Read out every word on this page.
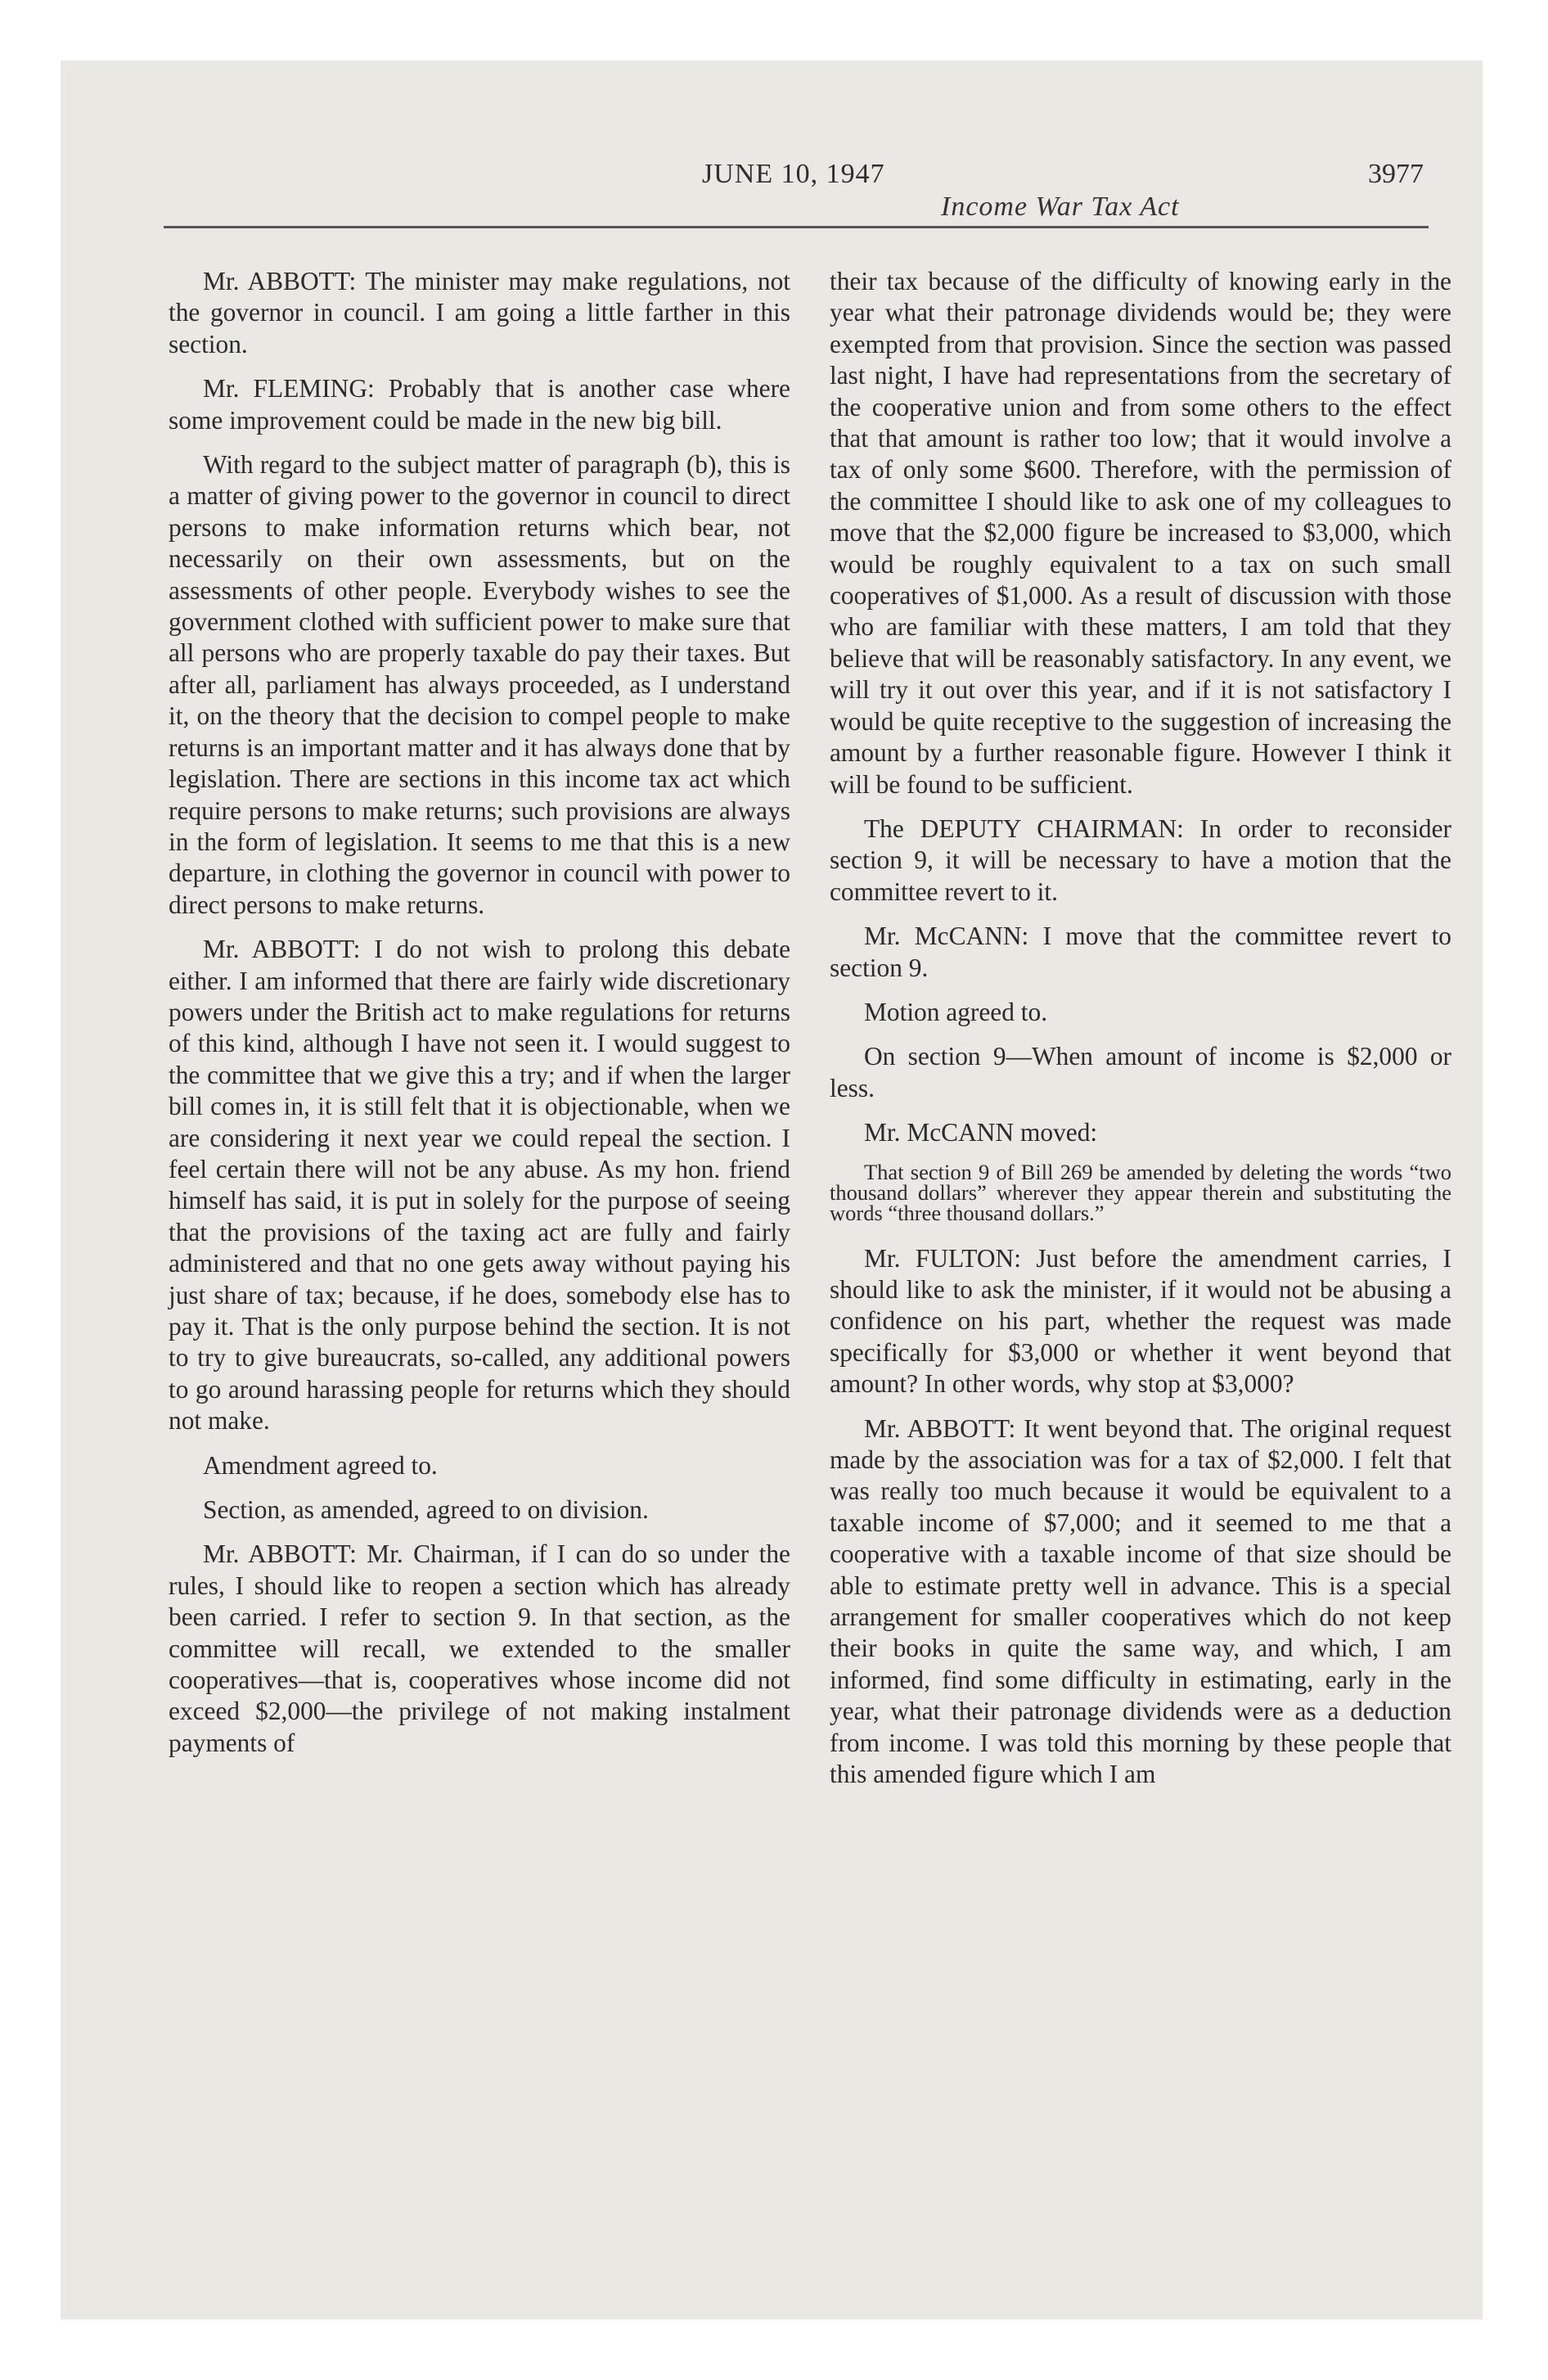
JUNE 10, 1947	3977
Income War Tax Act

Mr. ABBOTT: The minister may make regulations, not the governor in council. I am going a little farther in this section.

Mr. FLEMING: Probably that is another case where some improvement could be made in the new big bill.

With regard to the subject matter of paragraph (b), this is a matter of giving power to the governor in council to direct persons to make information returns which bear, not necessarily on their own assessments, but on the assessments of other people. Everybody wishes to see the government clothed with sufficient power to make sure that all persons who are properly taxable do pay their taxes. But after all, parliament has always proceeded, as I understand it, on the theory that the decision to compel people to make returns is an important matter and it has always done that by legislation. There are sections in this income tax act which require persons to make returns; such provisions are always in the form of legislation. It seems to me that this is a new departure, in clothing the governor in council with power to direct persons to make returns.

Mr. ABBOTT: I do not wish to prolong this debate either. I am informed that there are fairly wide discretionary powers under the British act to make regulations for returns of this kind, although I have not seen it. I would suggest to the committee that we give this a try; and if when the larger bill comes in, it is still felt that it is objectionable, when we are considering it next year we could repeal the section. I feel certain there will not be any abuse. As my hon. friend himself has said, it is put in solely for the purpose of seeing that the provisions of the taxing act are fully and fairly administered and that no one gets away without paying his just share of tax; because, if he does, somebody else has to pay it. That is the only purpose behind the section. It is not to try to give bureaucrats, so-called, any additional powers to go around harassing people for returns which they should not make.

Amendment agreed to.

Section, as amended, agreed to on division.

Mr. ABBOTT: Mr. Chairman, if I can do so under the rules, I should like to reopen a section which has already been carried. I refer to section 9. In that section, as the committee will recall, we extended to the smaller cooperatives—that is, cooperatives whose income did not exceed $2,000—the privilege of not making instalment payments of

their tax because of the difficulty of knowing early in the year what their patronage dividends would be; they were exempted from that provision. Since the section was passed last night, I have had representations from the secretary of the cooperative union and from some others to the effect that that amount is rather too low; that it would involve a tax of only some $600. Therefore, with the permission of the committee I should like to ask one of my colleagues to move that the $2,000 figure be increased to $3,000, which would be roughly equivalent to a tax on such small cooperatives of $1,000. As a result of discussion with those who are familiar with these matters, I am told that they believe that will be reasonably satisfactory. In any event, we will try it out over this year, and if it is not satisfactory I would be quite receptive to the suggestion of increasing the amount by a further reasonable figure. However I think it will be found to be sufficient.

The DEPUTY CHAIRMAN: In order to reconsider section 9, it will be necessary to have a motion that the committee revert to it.

Mr. McCANN: I move that the committee revert to section 9.

Motion agreed to.

On section 9—When amount of income is $2,000 or less.

Mr. McCANN moved:

That section 9 of Bill 269 be amended by deleting the words “two thousand dollars” wherever they appear therein and substituting the words “three thousand dollars.”

Mr. FULTON: Just before the amendment carries, I should like to ask the minister, if it would not be abusing a confidence on his part, whether the request was made specifically for $3,000 or whether it went beyond that amount? In other words, why stop at $3,000?

Mr. ABBOTT: It went beyond that. The original request made by the association was for a tax of $2,000. I felt that was really too much because it would be equivalent to a taxable income of $7,000; and it seemed to me that a cooperative with a taxable income of that size should be able to estimate pretty well in advance. This is a special arrangement for smaller cooperatives which do not keep their books in quite the same way, and which, I am informed, find some difficulty in estimating, early in the year, what their patronage dividends were as a deduction from income. I was told this morning by these people that this amended figure which I am
